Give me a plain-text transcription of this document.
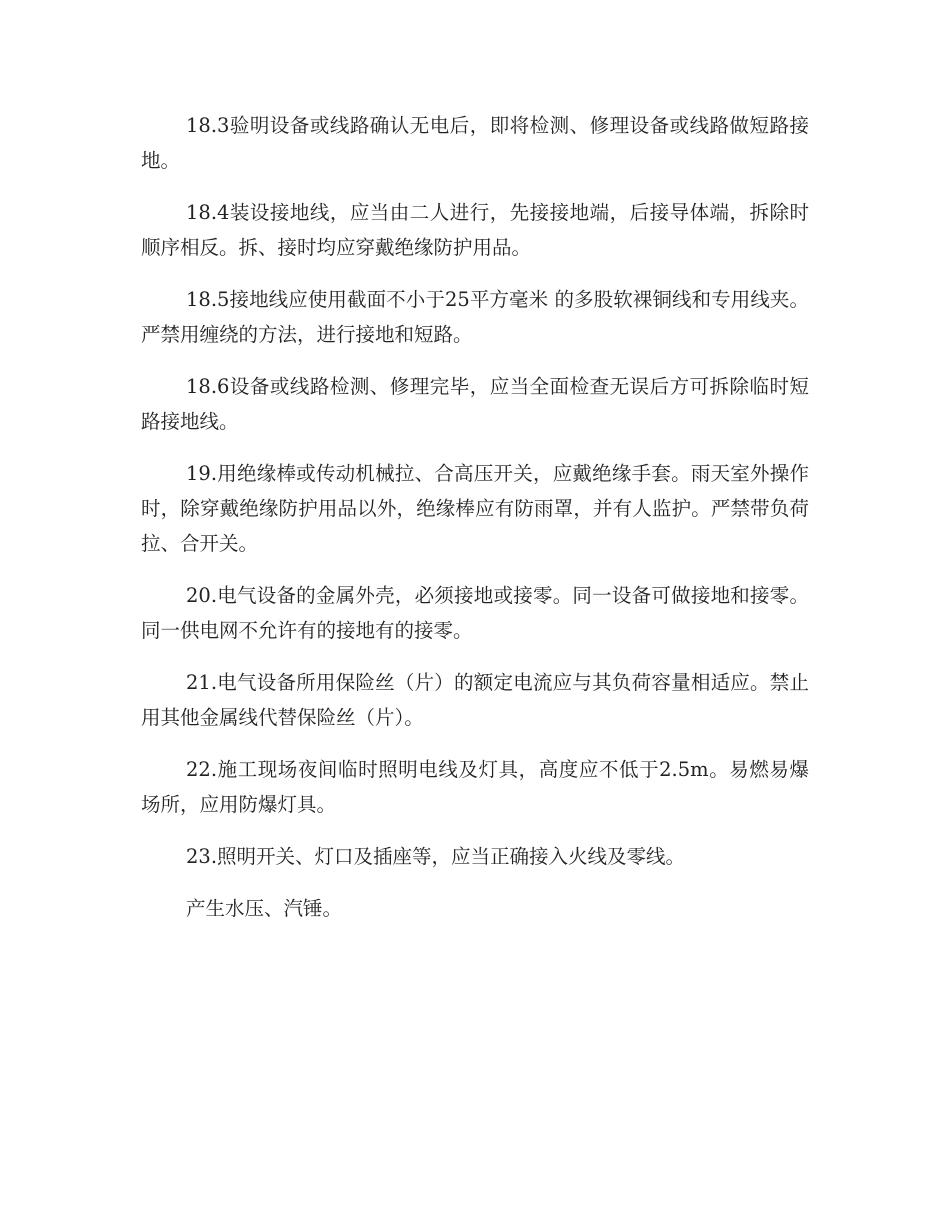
18.3验明设备或线路确认无电后，即将检测、修理设备或线路做短路接地。

18.4装设接地线，应当由二人进行，先接接地端，后接导体端，拆除时顺序相反。拆、接时均应穿戴绝缘防护用品。

18.5接地线应使用截面不小于25平方毫米 的多股软裸铜线和专用线夹。严禁用缠绕的方法，进行接地和短路。

18.6设备或线路检测、修理完毕，应当全面检查无误后方可拆除临时短路接地线。

19.用绝缘棒或传动机械拉、合高压开关，应戴绝缘手套。雨天室外操作时，除穿戴绝缘防护用品以外，绝缘棒应有防雨罩，并有人监护。严禁带负荷拉、合开关。

20.电气设备的金属外壳，必须接地或接零。同一设备可做接地和接零。同一供电网不允许有的接地有的接零。

21.电气设备所用保险丝（片）的额定电流应与其负荷容量相适应。禁止用其他金属线代替保险丝（片）。

22.施工现场夜间临时照明电线及灯具，高度应不低于2.5m。易燃易爆场所，应用防爆灯具。

23.照明开关、灯口及插座等，应当正确接入火线及零线。

产生水压、汽锤。
